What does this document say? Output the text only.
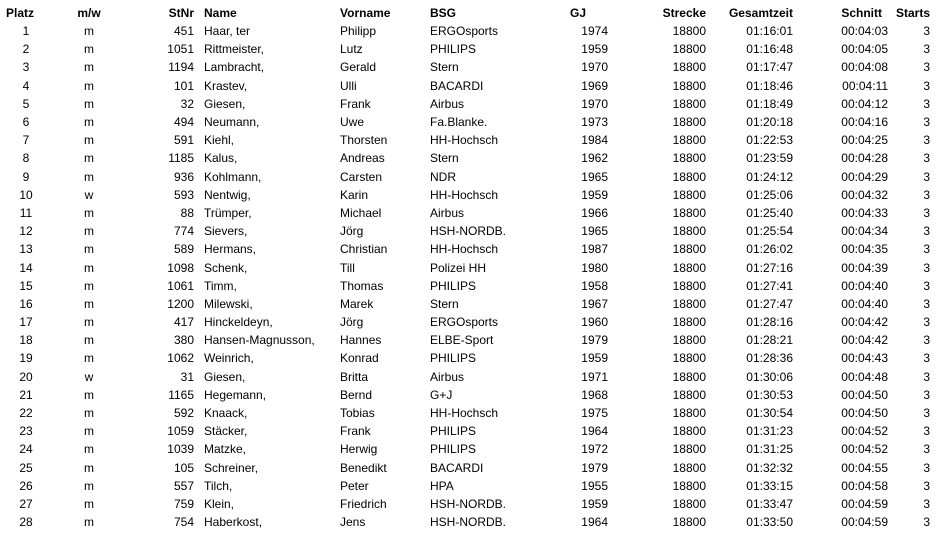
Platz	m/w	StNr		Name	Vorname	BSG	GJ	Strecke	Gesamtzeit	Schnitt	Starts
1	m	451		Haar, ter	Philipp	ERGOsports	1974	18800	01:16:01	00:04:03	3
2	m	1051		Rittmeister,	Lutz	PHILIPS	1959	18800	01:16:48	00:04:05	3
3	m	1194		Lambracht,	Gerald	Stern	1970	18800	01:17:47	00:04:08	3
4	m	101		Krastev,	Ulli	BACARDI	1969	18800	01:18:46	00:04:11	3
5	m	32		Giesen,	Frank	Airbus	1970	18800	01:18:49	00:04:12	3
6	m	494		Neumann,	Uwe	Fa.Blanke.	1973	18800	01:20:18	00:04:16	3
7	m	591		Kiehl,	Thorsten	HH-Hochsch	1984	18800	01:22:53	00:04:25	3
8	m	1185		Kalus,	Andreas	Stern	1962	18800	01:23:59	00:04:28	3
9	m	936		Kohlmann,	Carsten	NDR	1965	18800	01:24:12	00:04:29	3
10	w	593		Nentwig,	Karin	HH-Hochsch	1959	18800	01:25:06	00:04:32	3
11	m	88		Trümper,	Michael	Airbus	1966	18800	01:25:40	00:04:33	3
12	m	774		Sievers,	Jörg	HSH-NORDB.	1965	18800	01:25:54	00:04:34	3
13	m	589		Hermans,	Christian	HH-Hochsch	1987	18800	01:26:02	00:04:35	3
14	m	1098		Schenk,	Till	Polizei HH	1980	18800	01:27:16	00:04:39	3
15	m	1061		Timm,	Thomas	PHILIPS	1958	18800	01:27:41	00:04:40	3
16	m	1200		Milewski,	Marek	Stern	1967	18800	01:27:47	00:04:40	3
17	m	417		Hinckeldeyn,	Jörg	ERGOsports	1960	18800	01:28:16	00:04:42	3
18	m	380		Hansen-Magnusson,	Hannes	ELBE-Sport	1979	18800	01:28:21	00:04:42	3
19	m	1062		Weinrich,	Konrad	PHILIPS	1959	18800	01:28:36	00:04:43	3
20	w	31		Giesen,	Britta	Airbus	1971	18800	01:30:06	00:04:48	3
21	m	1165		Hegemann,	Bernd	G+J	1968	18800	01:30:53	00:04:50	3
22	m	592		Knaack,	Tobias	HH-Hochsch	1975	18800	01:30:54	00:04:50	3
23	m	1059		Stäcker,	Frank	PHILIPS	1964	18800	01:31:23	00:04:52	3
24	m	1039		Matzke,	Herwig	PHILIPS	1972	18800	01:31:25	00:04:52	3
25	m	105		Schreiner,	Benedikt	BACARDI	1979	18800	01:32:32	00:04:55	3
26	m	557		Tilch,	Peter	HPA	1955	18800	01:33:15	00:04:58	3
27	m	759		Klein,	Friedrich	HSH-NORDB.	1959	18800	01:33:47	00:04:59	3
28	m	754		Haberkost,	Jens	HSH-NORDB.	1964	18800	01:33:50	00:04:59	3
